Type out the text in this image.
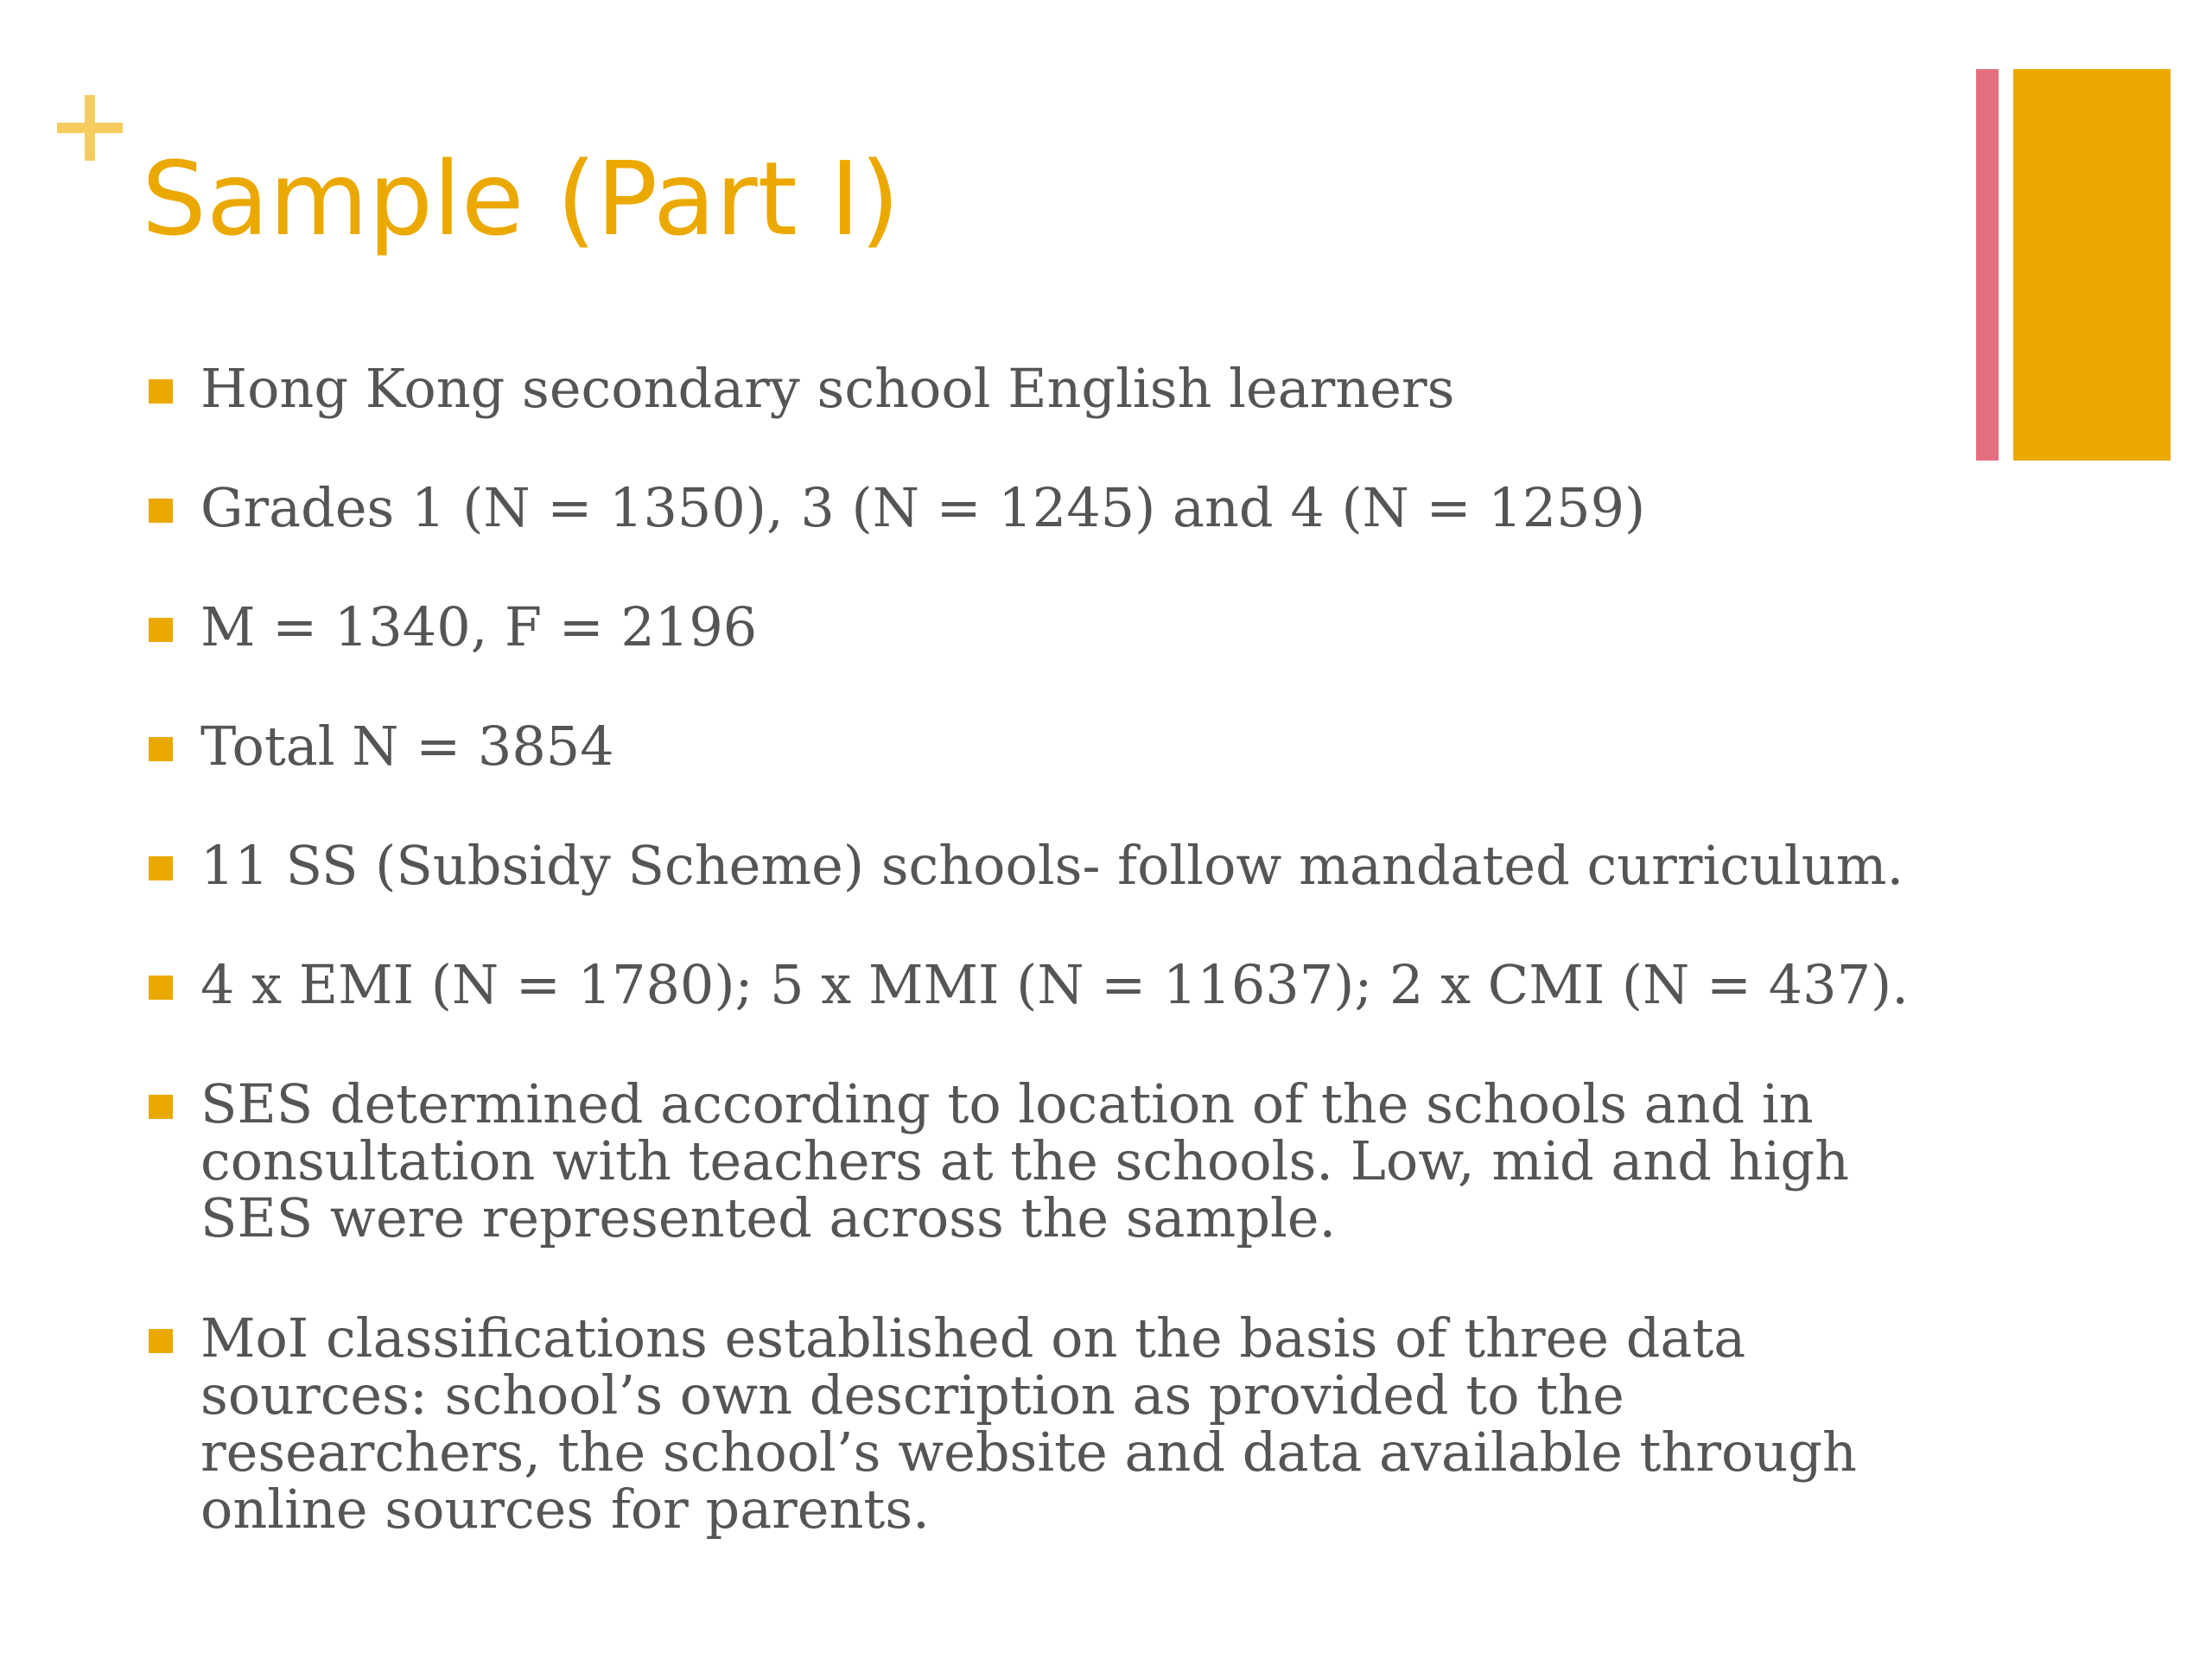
Sample (Part I)
Hong Kong secondary school English learners
Grades 1 (N = 1350), 3 (N = 1245) and 4 (N = 1259)
M = 1340, F = 2196
Total N = 3854
11 SS (Subsidy Scheme) schools- follow mandated curriculum.
4 x EMI (N = 1780); 5 x MMI (N = 11637); 2 x CMI (N = 437).
SES determined according to location of the schools and in consultation with teachers at the schools. Low, mid and high SES were represented across the sample.
MoI classifications established on the basis of three data sources: school’s own description as provided to the researchers, the school’s website and data available through online sources for parents.
